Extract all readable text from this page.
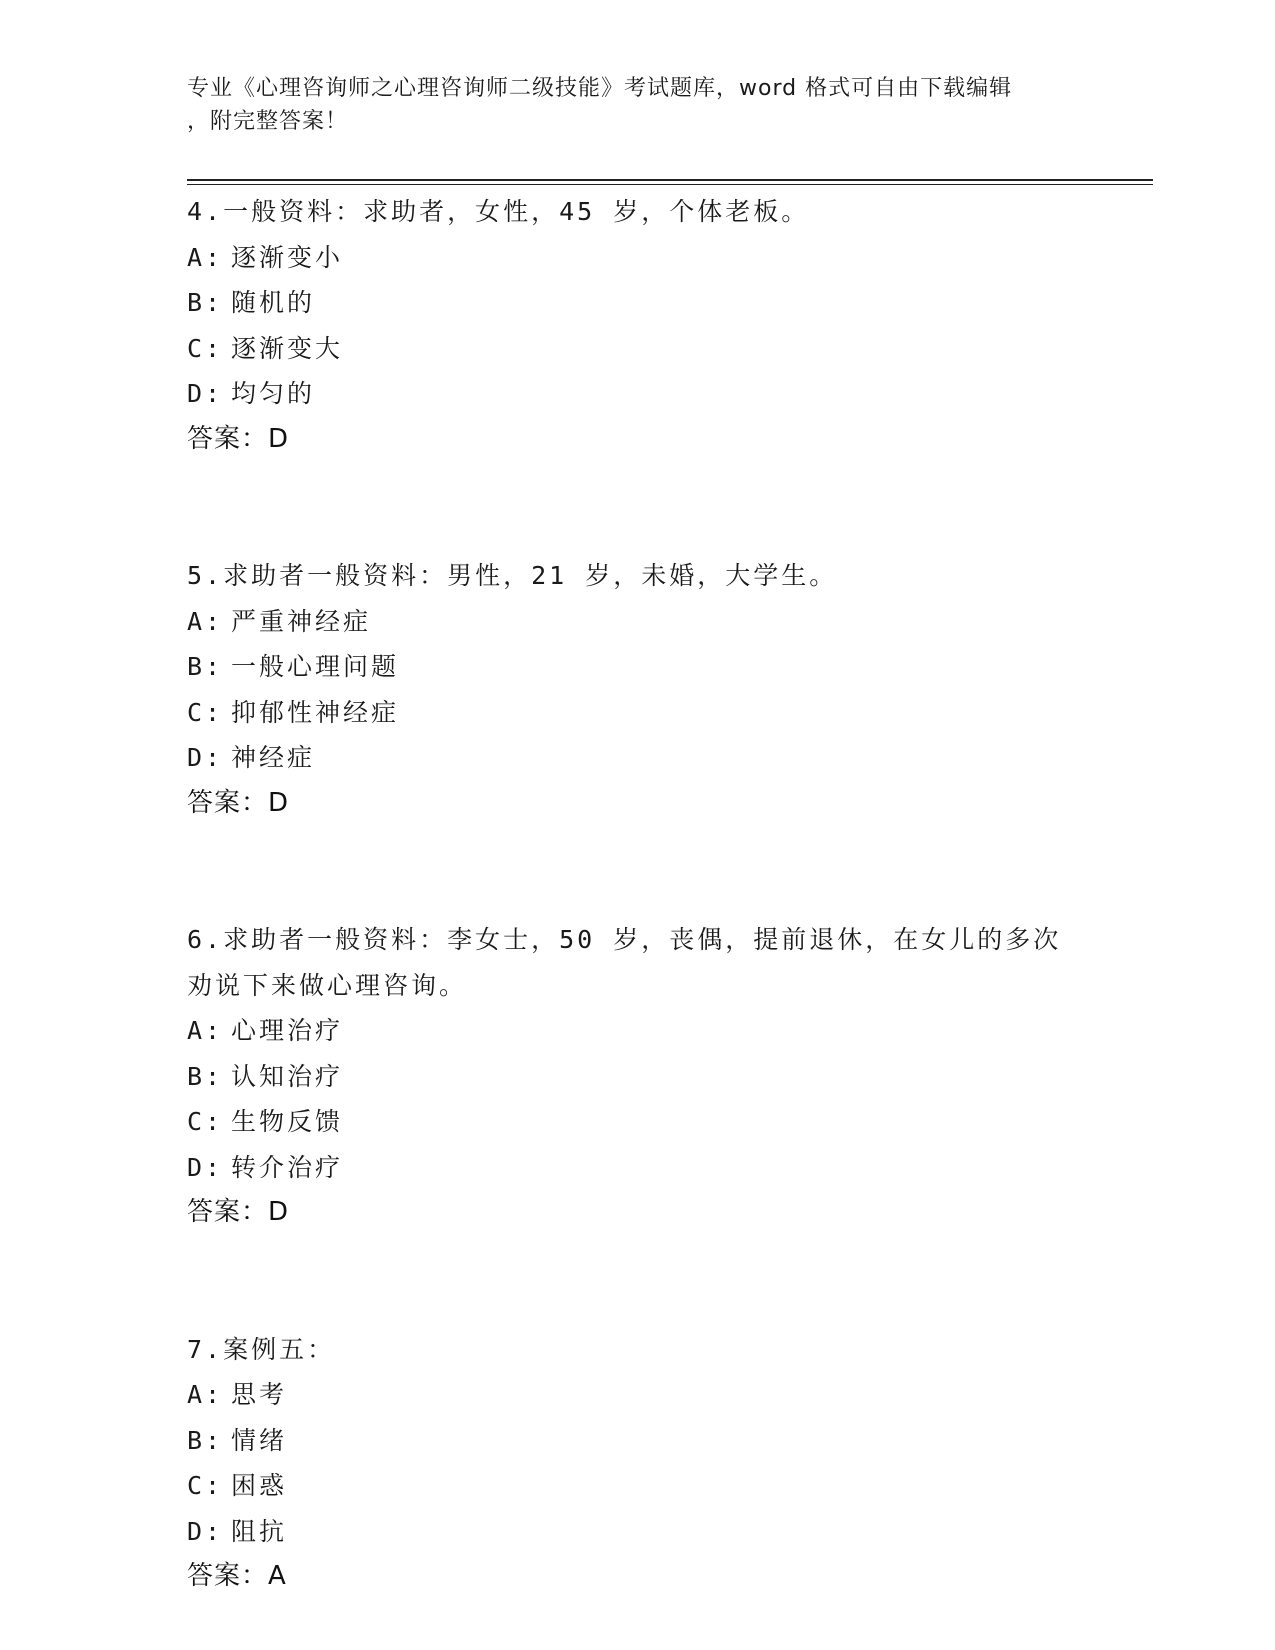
专业《心理咨询师之心理咨询师二级技能》考试题库，word 格式可自由下载编辑
，附完整答案！
4.一般资料：求助者，女性，45 岁，个体老板。
A: 逐渐变小
B: 随机的
C: 逐渐变大
D: 均匀的
答案：D
5.求助者一般资料：男性，21 岁，未婚，大学生。
A: 严重神经症
B: 一般心理问题
C: 抑郁性神经症
D: 神经症
答案：D
6.求助者一般资料：李女士，50 岁，丧偶，提前退休，在女儿的多次
劝说下来做心理咨询。
A: 心理治疗
B: 认知治疗
C: 生物反馈
D: 转介治疗
答案：D
7.案例五：
A: 思考
B: 情绪
C: 困惑
D: 阻抗
答案：A
